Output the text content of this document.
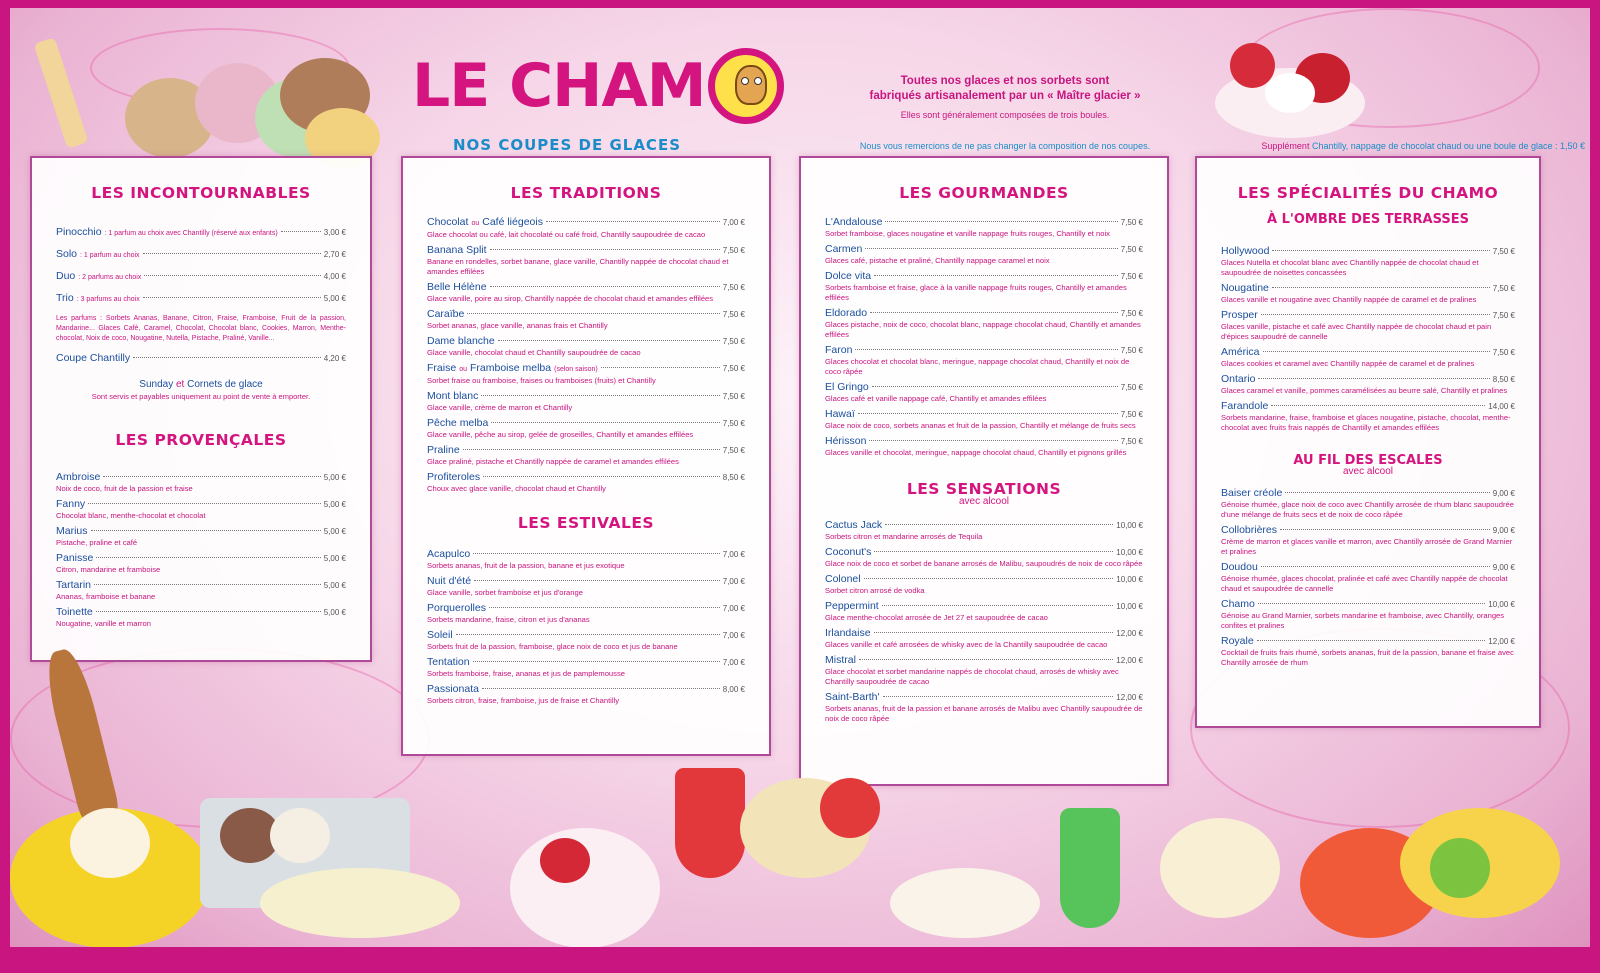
LE CHAM
NOS COUPES DE GLACES
Toutes nos glaces et nos sorbets sont
fabriqués artisanalement par un « Maître glacier »
Elles sont généralement composées de trois boules.
Nous vous remercions de ne pas changer la composition de nos coupes.	Supplément Chantilly, nappage de chocolat chaud ou une boule de glace : 1,50 €
LES INCONTOURNABLES
Pinocchio : 1 parfum au choix avec Chantilly (réservé aux enfants)	3,00 €
Solo : 1 parfum au choix	2,70 €
Duo : 2 parfums au choix	4,00 €
Trio : 3 parfums au choix	5,00 €
Les parfums : Sorbets Ananas, Banane, Citron, Fraise, Framboise, Fruit de la passion, Mandarine... Glaces Café, Caramel, Chocolat, Chocolat blanc, Cookies, Marron, Menthe-chocolat, Noix de coco, Nougatine, Nutella, Pistache, Praliné, Vanille...
Coupe Chantilly	4,20 €
Sunday et Cornets de glace
Sont servis et payables uniquement au point de vente à emporter.
LES PROVENÇALES
Ambroise	5,00 €
Noix de coco, fruit de la passion et fraise
Fanny	5,00 €
Chocolat blanc, menthe-chocolat et chocolat
Marius	5,00 €
Pistache, praline et café
Panisse	5,00 €
Citron, mandarine et framboise
Tartarin	5,00 €
Ananas, framboise et banane
Toinette	5,00 €
Nougatine, vanille et marron
LES TRADITIONS
Chocolat ou Café liégeois	7,00 €
Glace chocolat ou café, lait chocolaté ou café froid, Chantilly saupoudrée de cacao
Banana Split	7,50 €
Banane en rondelles, sorbet banane, glace vanille, Chantilly nappée de chocolat chaud et amandes effilées
Belle Hélène	7,50 €
Glace vanille, poire au sirop, Chantilly nappée de chocolat chaud et amandes effilées
Caraïbe	7,50 €
Sorbet ananas, glace vanille, ananas frais et Chantilly
Dame blanche	7,50 €
Glace vanille, chocolat chaud et Chantilly saupoudrée de cacao
Fraise ou Framboise melba (selon saison)	7,50 €
Sorbet fraise ou framboise, fraises ou framboises (fruits) et Chantilly
Mont blanc	7,50 €
Glace vanille, crème de marron et Chantilly
Pêche melba	7,50 €
Glace vanille, pêche au sirop, gelée de groseilles, Chantilly et amandes effilées
Praline	7,50 €
Glace praliné, pistache et Chantilly nappée de caramel et amandes effilées
Profiteroles	8,50 €
Choux avec glace vanille, chocolat chaud et Chantilly
LES ESTIVALES
Acapulco	7,00 €
Sorbets ananas, fruit de la passion, banane et jus exotique
Nuit d'été	7,00 €
Glace vanille, sorbet framboise et jus d'orange
Porquerolles	7,00 €
Sorbets mandarine, fraise, citron et jus d'ananas
Soleil	7,00 €
Sorbets fruit de la passion, framboise, glace noix de coco et jus de banane
Tentation	7,00 €
Sorbets framboise, fraise, ananas et jus de pamplemousse
Passionata	8,00 €
Sorbets citron, fraise, framboise, jus de fraise et Chantilly
LES GOURMANDES
L'Andalouse	7,50 €
Sorbet framboise, glaces nougatine et vanille nappage fruits rouges, Chantilly et noix
Carmen	7,50 €
Glaces café, pistache et praliné, Chantilly nappage caramel et noix
Dolce vita	7,50 €
Sorbets framboise et fraise, glace à la vanille nappage fruits rouges, Chantilly et amandes effilées
Eldorado	7,50 €
Glaces pistache, noix de coco, chocolat blanc, nappage chocolat chaud, Chantilly et amandes effilées
Faron	7,50 €
Glaces chocolat et chocolat blanc, meringue, nappage chocolat chaud, Chantilly et noix de coco râpée
El Gringo	7,50 €
Glaces café et vanille nappage café, Chantilly et amandes effilées
Hawaï	7,50 €
Glace noix de coco, sorbets ananas et fruit de la passion, Chantilly et mélange de fruits secs
Hérisson	7,50 €
Glaces vanille et chocolat, meringue, nappage chocolat chaud, Chantilly et pignons grillés
LES SENSATIONS
avec alcool
Cactus Jack	10,00 €
Sorbets citron et mandarine arrosés de Tequila
Coconut's	10,00 €
Glace noix de coco et sorbet de banane arrosés de Malibu, saupoudrés de noix de coco râpée
Colonel	10,00 €
Sorbet citron arrosé de vodka
Peppermint	10,00 €
Glace menthe-chocolat arrosée de Jet 27 et saupoudrée de cacao
Irlandaise	12,00 €
Glaces vanille et café arrosées de whisky avec de la Chantilly saupoudrée de cacao
Mistral	12,00 €
Glace chocolat et sorbet mandarine nappés de chocolat chaud, arrosés de whisky avec Chantilly saupoudrée de cacao
Saint-Barth'	12,00 €
Sorbets ananas, fruit de la passion et banane arrosés de Malibu avec Chantilly saupoudrée de noix de coco râpée
LES SPÉCIALITÉS DU CHAMO
À L'OMBRE DES TERRASSES
Hollywood	7,50 €
Glaces Nutella et chocolat blanc avec Chantilly nappée de chocolat chaud et saupoudrée de noisettes concassées
Nougatine	7,50 €
Glaces vanille et nougatine avec Chantilly nappée de caramel et de pralines
Prosper	7,50 €
Glaces vanille, pistache et café avec Chantilly nappée de chocolat chaud et pain d'épices saupoudré de cannelle
América	7,50 €
Glaces cookies et caramel avec Chantilly nappée de caramel et de pralines
Ontario	8,50 €
Glaces caramel et vanille, pommes caramélisées au beurre salé, Chantilly et pralines
Farandole	14,00 €
Sorbets mandarine, fraise, framboise et glaces nougatine, pistache, chocolat, menthe-chocolat avec fruits frais nappés de Chantilly et amandes effilées
AU FIL DES ESCALES
avec alcool
Baiser créole	9,00 €
Génoise rhumée, glace noix de coco avec Chantilly arrosée de rhum blanc saupoudrée d'une mélange de fruits secs et de noix de coco râpée
Collobrières	9,00 €
Crème de marron et glaces vanille et marron, avec Chantilly arrosée de Grand Marnier et pralines
Doudou	9,00 €
Génoise rhumée, glaces chocolat, pralinée et café avec Chantilly nappée de chocolat chaud et saupoudrée de cannelle
Chamo	10,00 €
Génoise au Grand Marnier, sorbets mandarine et framboise, avec Chantilly, oranges confites et pralines
Royale	12,00 €
Cocktail de fruits frais rhumé, sorbets ananas, fruit de la passion, banane et fraise avec Chantilly arrosée de rhum
